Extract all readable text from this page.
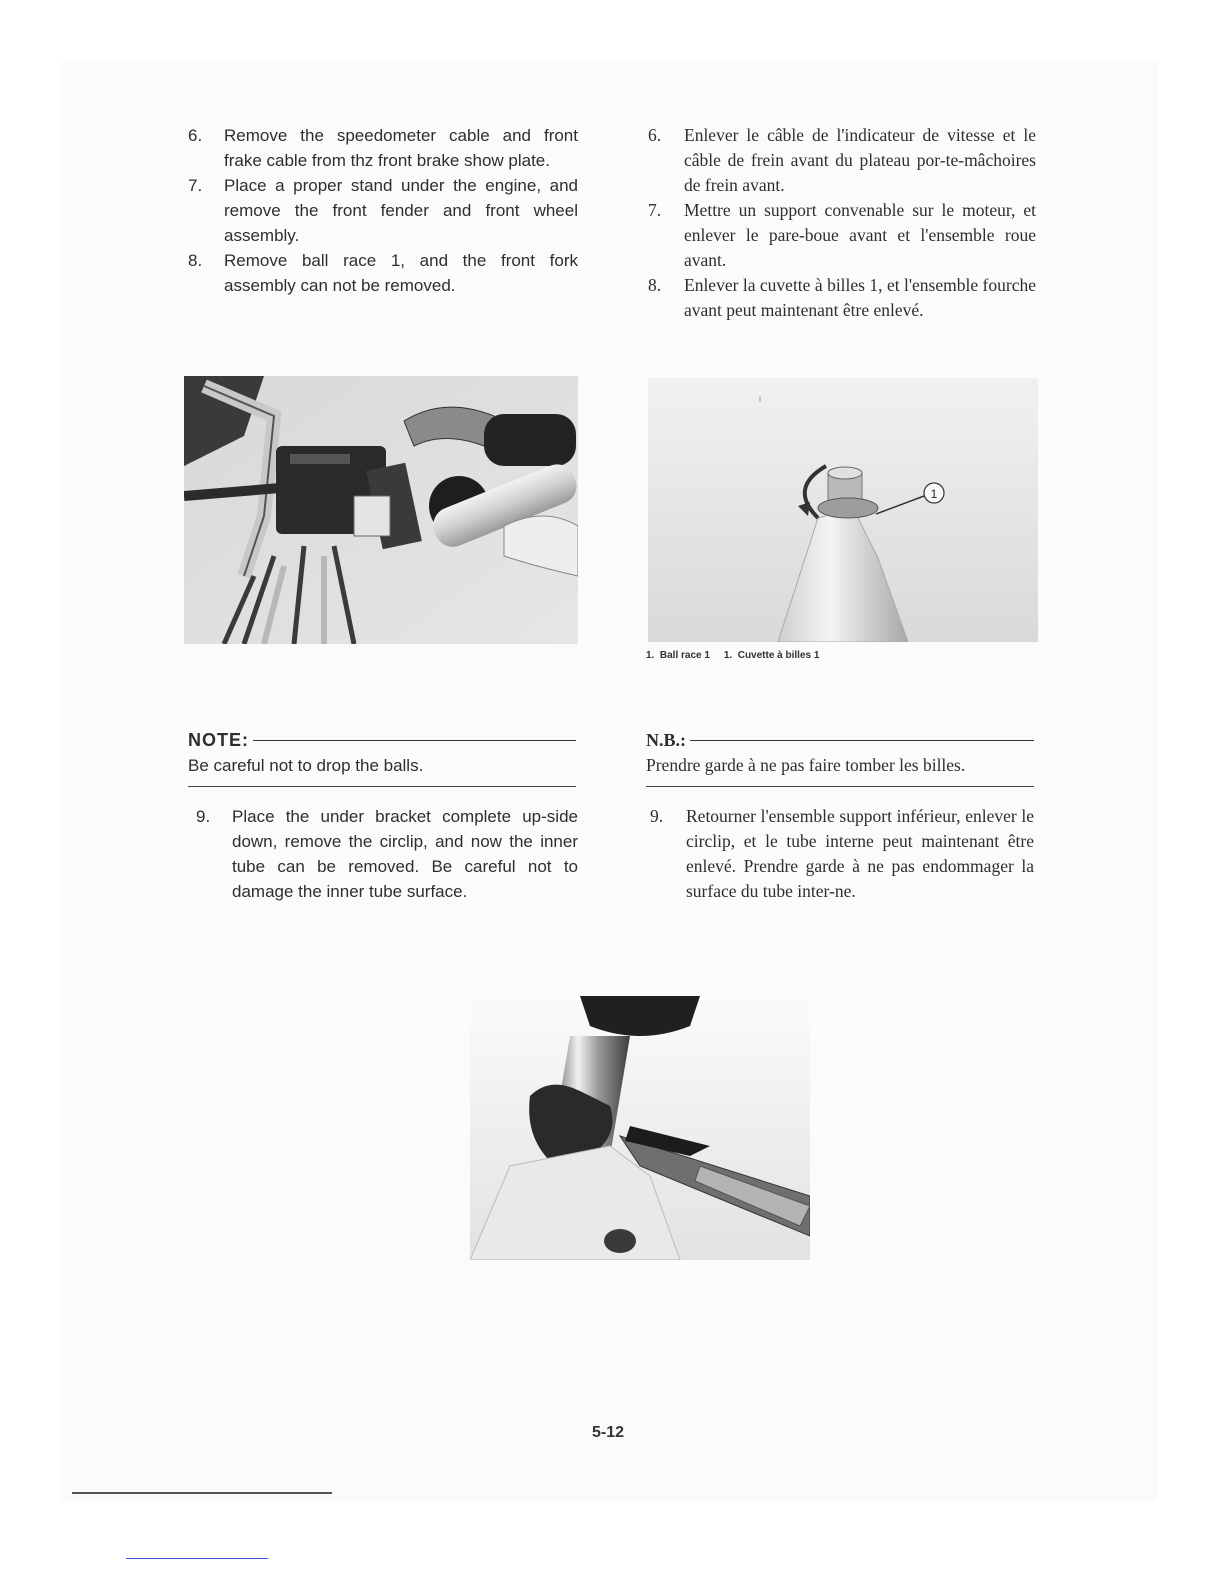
6.	Remove the speedometer cable and front frake cable from thz front brake show plate.
7.	Place a proper stand under the engine, and remove the front fender and front wheel assembly.
8.	Remove ball race 1, and the front fork assembly can not be removed.
6.	Enlever le câble de l'indicateur de vitesse et le câble de frein avant du plateau por-te-mâchoires de frein avant.
7.	Mettre un support convenable sur le moteur, et enlever le pare-boue avant et l'ensemble roue avant.
8.	Enlever la cuvette à billes 1, et l'ensemble fourche avant peut maintenant être enlevé.
1
1.  Ball race 1     1.  Cuvette à billes 1
NOTE:
Be careful not to drop the balls.
N.B.:
Prendre garde à ne pas faire tomber les billes.
9.	Place the under bracket complete up-side down, remove the circlip, and now the inner tube can be removed. Be careful not to damage the inner tube surface.
9.	Retourner l'ensemble support inférieur, enlever le circlip, et le tube interne peut maintenant être enlevé. Prendre garde à ne pas endommager la surface du tube inter-ne.
5-12
